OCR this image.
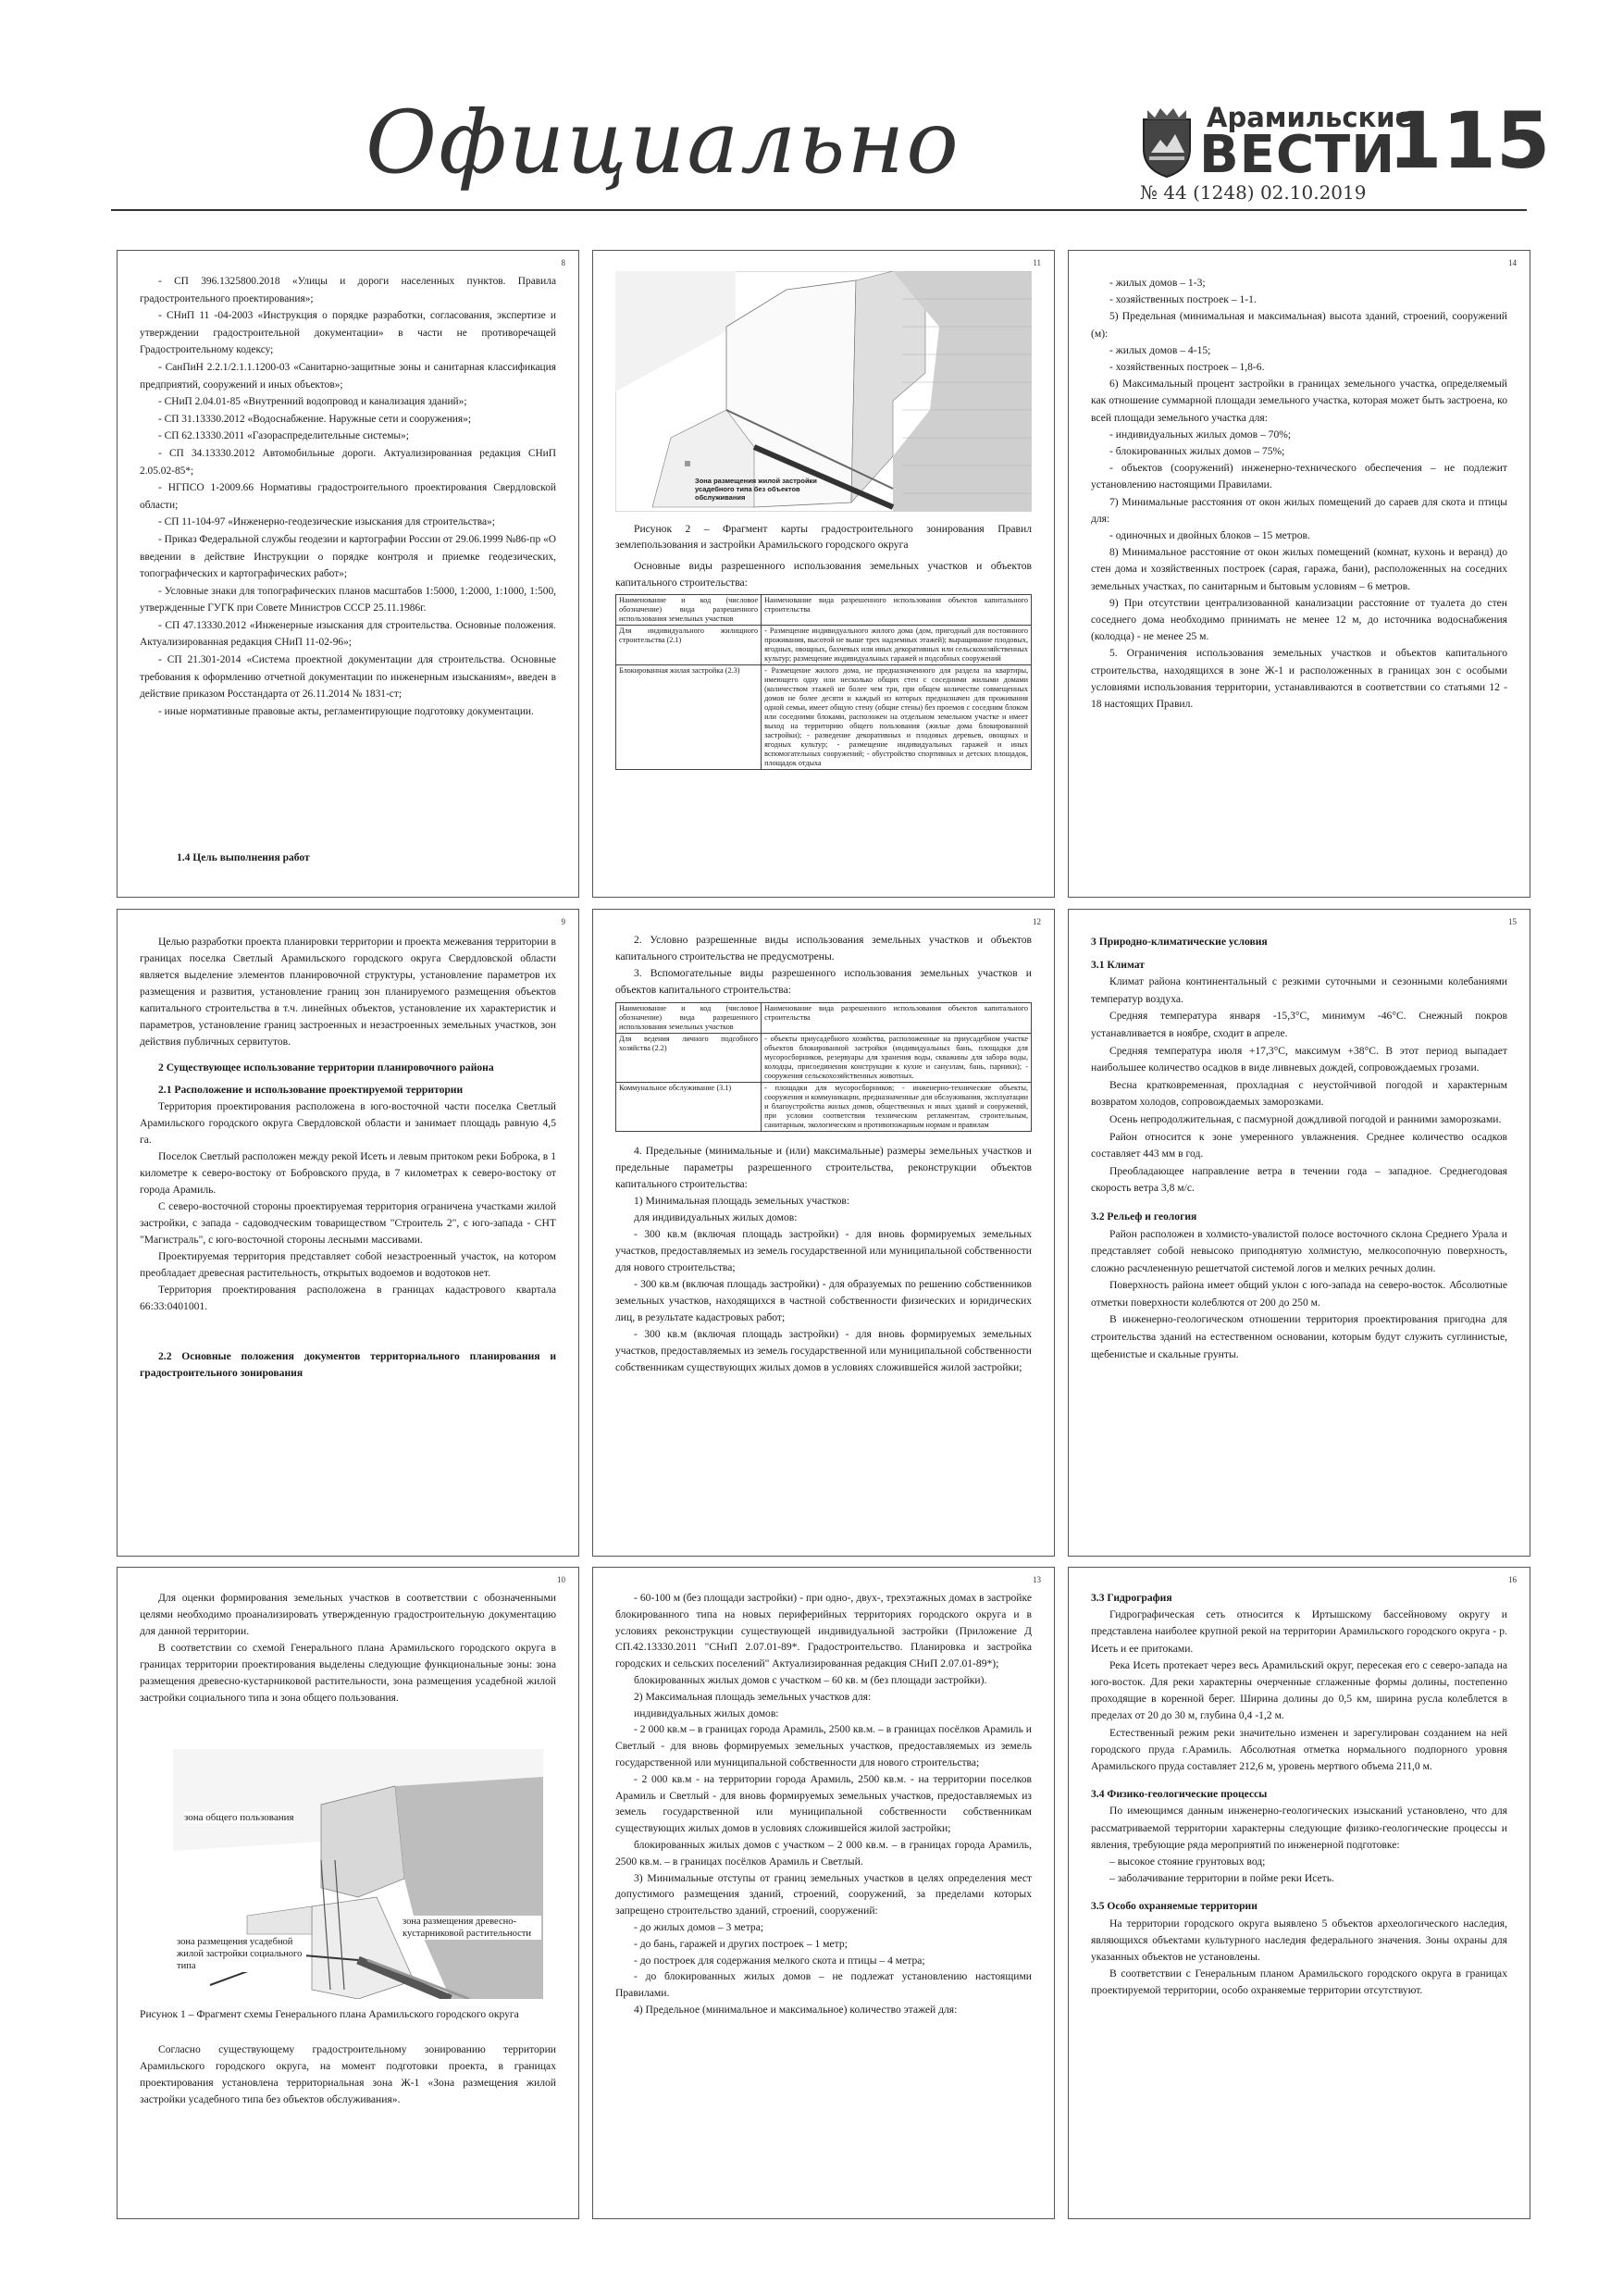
Официально	Арамильские
ВЕСТИ
115
№ 44 (1248) 02.10.2019
8

- СП 396.1325800.2018 «Улицы и дороги населенных пунктов. Правила градостроительного проектирования»;

- СНиП 11 -04-2003 «Инструкция о порядке разработки, согласования, экспертизе и утверждении градостроительной документации» в части не противоречащей Градостроительному кодексу;

- СанПиН 2.2.1/2.1.1.1200-03 «Санитарно-защитные зоны и санитарная классификация предприятий, сооружений и иных объектов»;

- СНиП 2.04.01-85 «Внутренний водопровод и канализация зданий»;

- СП 31.13330.2012 «Водоснабжение. Наружные сети и сооружения»;

- СП 62.13330.2011 «Газораспределительные системы»;

- СП 34.13330.2012 Автомобильные дороги. Актуализированная редакция СНиП 2.05.02-85*;

- НГПСО 1-2009.66 Нормативы градостроительного проектирования Свердловской области;

- СП 11-104-97 «Инженерно-геодезические изыскания для строительства»;

- Приказ Федеральной службы геодезии и картографии России от 29.06.1999 №86-пр «О введении в действие Инструкции о порядке контроля и приемке геодезических, топографических и картографических работ»;

- Условные знаки для топографических планов масштабов 1:5000, 1:2000, 1:1000, 1:500, утвержденные ГУГК при Совете Министров СССР 25.11.1986г.

- СП 47.13330.2012 «Инженерные изыскания для строительства. Основные положения. Актуализированная редакция СНиП 11-02-96»;

- СП 21.301-2014 «Система проектной документации для строительства. Основные требования к оформлению отчетной документации по инженерным изысканиям», введен в действие приказом Росстандарта от 26.11.2014 № 1831-ст;

- иные нормативные правовые акты, регламентирующие подготовку документации.

1.4 Цель выполнения работ
11
Зона размещения жилой застройки усадебного типа без объектов обслуживания

Рисунок 2 – Фрагмент карты градостроительного зонирования Правил землепользования и застройки Арамильского городского округа

Основные виды разрешенного использования земельных участков и объектов капитального строительства:

Наименование и код (числовое обозначение) вида разрешенного использования земельных участков	Наименование вида разрешенного использования объектов капитального строительства
Для индивидуального жилищного строительства (2.1)	- Размещение индивидуального жилого дома (дом, пригодный для постоянного проживания, высотой не выше трех надземных этажей); выращивание плодовых, ягодных, овощных, бахчевых или иных декоративных или сельскохозяйственных культур; размещение индивидуальных гаражей и подсобных сооружений
Блокированная жилая застройка (2.3)	- Размещение жилого дома, не предназначенного для раздела на квартиры, имеющего одну или несколько общих стен с соседними жилыми домами (количеством этажей не более чем три, при общем количестве совмещенных домов не более десяти и каждый из которых предназначен для проживания одной семьи, имеет общую стену (общие стены) без проемов с соседним блоком или соседними блоками, расположен на отдельном земельном участке и имеет выход на территорию общего пользования (жилые дома блокированной застройки); - разведение декоративных и плодовых деревьев, овощных и ягодных культур; - размещение индивидуальных гаражей и иных вспомогательных сооружений; - обустройство спортивных и детских площадок, площадок отдыха
14

- жилых домов – 1-3;

- хозяйственных построек – 1-1.

5) Предельная (минимальная и максимальная) высота зданий, строений, сооружений (м):

- жилых домов – 4-15;

- хозяйственных построек – 1,8-6.

6) Максимальный процент застройки в границах земельного участка, определяемый как отношение суммарной площади земельного участка, которая может быть застроена, ко всей площади земельного участка для:

- индивидуальных жилых домов – 70%;

- блокированных жилых домов – 75%;

- объектов (сооружений) инженерно-технического обеспечения – не подлежит установлению настоящими Правилами.

7) Минимальные расстояния от окон жилых помещений до сараев для скота и птицы для:

- одиночных и двойных блоков – 15 метров.

8) Минимальное расстояние от окон жилых помещений (комнат, кухонь и веранд) до стен дома и хозяйственных построек (сарая, гаража, бани), расположенных на соседних земельных участках, по санитарным и бытовым условиям – 6 метров.

9) При отсутствии централизованной канализации расстояние от туалета до стен соседнего дома необходимо принимать не менее 12 м, до источника водоснабжения (колодца) - не менее 25 м.

5. Ограничения использования земельных участков и объектов капитального строительства, находящихся в зоне Ж-1 и расположенных в границах зон с особыми условиями использования территории, устанавливаются в соответствии со статьями 12 - 18 настоящих Правил.

9

Целью разработки проекта планировки территории и проекта межевания территории в границах поселка Светлый Арамильского городского округа Свердловской области является выделение элементов планировочной структуры, установление параметров их размещения и развития, установление границ зон планируемого размещения объектов капитального строительства в т.ч. линейных объектов, установление их характеристик и параметров, установление границ застроенных и незастроенных земельных участков, зон действия публичных сервитутов.

2 Существующее использование территории планировочного района

2.1 Расположение и использование проектируемой территории

Территория проектирования расположена в юго-восточной части поселка Светлый Арамильского городского округа Свердловской области и занимает площадь равную 4,5 га.

Поселок Светлый расположен между рекой Исеть и левым притоком реки Боброка, в 1 километре к северо-востоку от Бобровского пруда, в 7 километрах к северо-востоку от города Арамиль.

С северо-восточной стороны проектируемая территория ограничена участками жилой застройки, с запада - садоводческим товариществом "Строитель 2", с юго-запада - СНТ "Магистраль", с юго-восточной стороны лесными массивами.

Проектируемая территория представляет собой незастроенный участок, на котором преобладает древесная растительность, открытых водоемов и водотоков нет.

Территория проектирования расположена в границах кадастрового квартала 66:33:0401001.

2.2 Основные положения документов территориального планирования и градостроительного зонирования

12

2. Условно разрешенные виды использования земельных участков и объектов капитального строительства не предусмотрены.

3. Вспомогательные виды разрешенного использования земельных участков и объектов капитального строительства:

Наименование и код (числовое обозначение) вида разрешенного использования земельных участков	Наименование вида разрешенного использования объектов капитального строительства
Для ведения личного подсобного хозяйства (2.2)	- объекты приусадебного хозяйства, расположенные на приусадебном участке объектов блокированной застройки (индивидуальных бань, площадки для мусоросборников, резервуары для хранения воды, скважины для забора воды, колодцы, присоединения конструкции к кухне и санузлам, бань, парники); - сооружения сельскохозяйственных животных.
Коммунальное обслуживание (3.1)	- площадки для мусоросборников; - инженерно-технические объекты, сооружения и коммуникации, предназначенные для обслуживания, эксплуатации и благоустройства жилых домов, общественных и иных зданий и сооружений, при условии соответствия техническим регламентам, строительным, санитарным, экологическим и противопожарным нормам и правилам

4. Предельные (минимальные и (или) максимальные) размеры земельных участков и предельные параметры разрешенного строительства, реконструкции объектов капитального строительства:

1) Минимальная площадь земельных участков:

для индивидуальных жилых домов:

- 300 кв.м (включая площадь застройки) - для вновь формируемых земельных участков, предоставляемых из земель государственной или муниципальной собственности для нового строительства;

- 300 кв.м (включая площадь застройки) - для образуемых по решению собственников земельных участков, находящихся в частной собственности физических и юридических лиц, в результате кадастровых работ;

- 300 кв.м (включая площадь застройки) - для вновь формируемых земельных участков, предоставляемых из земель государственной или муниципальной собственности собственникам существующих жилых домов в условиях сложившейся жилой застройки;

15

3 Природно-климатические условия

3.1 Климат

Климат района континентальный с резкими суточными и сезонными колебаниями температур воздуха.

Средняя температура января -15,3°С, минимум -46°С. Снежный покров устанавливается в ноябре, сходит в апреле.

Средняя температура июля +17,3°С, максимум +38°С. В этот период выпадает наибольшее количество осадков в виде ливневых дождей, сопровождаемых грозами.

Весна кратковременная, прохладная с неустойчивой погодой и характерным возвратом холодов, сопровождаемых заморозками.

Осень непродолжительная, с пасмурной дождливой погодой и ранними заморозками.

Район относится к зоне умеренного увлажнения. Среднее количество осадков составляет 443 мм в год.

Преобладающее направление ветра в течении года – западное. Среднегодовая скорость ветра 3,8 м/с.

3.2 Рельеф и геология

Район расположен в холмисто-увалистой полосе восточного склона Среднего Урала и представляет собой невысоко приподнятую холмистую, мелкосопочную поверхность, сложно расчлененную решетчатой системой логов и мелких речных долин.

Поверхность района имеет общий уклон с юго-запада на северо-восток. Абсолютные отметки поверхности колеблются от 200 до 250 м.

В инженерно-геологическом отношении территория проектирования пригодна для строительства зданий на естественном основании, которым будут служить суглинистые, щебенистые и скальные грунты.

10

Для оценки формирования земельных участков в соответствии с обозначенными целями необходимо проанализировать утвержденную градостроительную документацию для данной территории.

В соответствии со схемой Генерального плана Арамильского городского округа в границах территории проектирования выделены следующие функциональные зоны: зона размещения древесно-кустарниковой растительности, зона размещения усадебной жилой застройки социального типа и зона общего пользования.

зона общего пользования
зона размещения древесно-кустарниковой растительности
зона размещения усадебной жилой застройки социального типа

Рисунок 1 – Фрагмент схемы Генерального плана Арамильского городского округа

Согласно существующему градостроительному зонированию территории Арамильского городского округа, на момент подготовки проекта, в границах проектирования установлена территориальная зона Ж-1 «Зона размещения жилой застройки усадебного типа без объектов обслуживания».

13

- 60-100 м (без площади застройки) - при одно-, двух-, трехэтажных домах в застройке блокированного типа на новых периферийных территориях городского округа и в условиях реконструкции существующей индивидуальной застройки (Приложение Д СП.42.13330.2011 "СНиП 2.07.01-89*. Градостроительство. Планировка и застройка городских и сельских поселений" Актуализированная редакция СНиП 2.07.01-89*);

блокированных жилых домов с участком – 60 кв. м (без площади застройки).

2) Максимальная площадь земельных участков для:

индивидуальных жилых домов:

- 2 000 кв.м – в границах города Арамиль, 2500 кв.м. – в границах посёлков Арамиль и Светлый - для вновь формируемых земельных участков, предоставляемых из земель государственной или муниципальной собственности для нового строительства;

- 2 000 кв.м - на территории города Арамиль, 2500 кв.м. - на территории поселков Арамиль и Светлый - для вновь формируемых земельных участков, предоставляемых из земель государственной или муниципальной собственности собственникам существующих жилых домов в условиях сложившейся жилой застройки;

блокированных жилых домов с участком – 2 000 кв.м. – в границах города Арамиль, 2500 кв.м. – в границах посёлков Арамиль и Светлый.

3) Минимальные отступы от границ земельных участков в целях определения мест допустимого размещения зданий, строений, сооружений, за пределами которых запрещено строительство зданий, строений, сооружений:

- до жилых домов – 3 метра;

- до бань, гаражей и других построек – 1 метр;

- до построек для содержания мелкого скота и птицы – 4 метра;

- до блокированных жилых домов – не подлежат установлению настоящими Правилами.

4) Предельное (минимальное и максимальное) количество этажей для:

16

3.3 Гидрография

Гидрографическая сеть относится к Иртышскому бассейновому округу и представлена наиболее крупной рекой на территории Арамильского городского округа - р. Исеть и ее притоками.

Река Исеть протекает через весь Арамильский округ, пересекая его с северо-запада на юго-восток. Для реки характерны очерченные сглаженные формы долины, постепенно проходящие в коренной берег. Ширина долины до 0,5 км, ширина русла колеблется в пределах от 20 до 30 м, глубина 0,4 -1,2 м.

Естественный режим реки значительно изменен и зарегулирован созданием на ней городского пруда г.Арамиль. Абсолютная отметка нормального подпорного уровня Арамильского пруда составляет 212,6 м, уровень мертвого объема 211,0 м.

3.4 Физико-геологические процессы

По имеющимся данным инженерно-геологических изысканий установлено, что для рассматриваемой территории характерны следующие физико-геологические процессы и явления, требующие ряда мероприятий по инженерной подготовке:

– высокое стояние грунтовых вод;

– заболачивание территории в пойме реки Исеть.

3.5 Особо охраняемые территории

На территории городского округа выявлено 5 объектов археологического наследия, являющихся объектами культурного наследия федерального значения. Зоны охраны для указанных объектов не установлены.

В соответствии с Генеральным планом Арамильского городского округа в границах проектируемой территории, особо охраняемые территории отсутствуют.
